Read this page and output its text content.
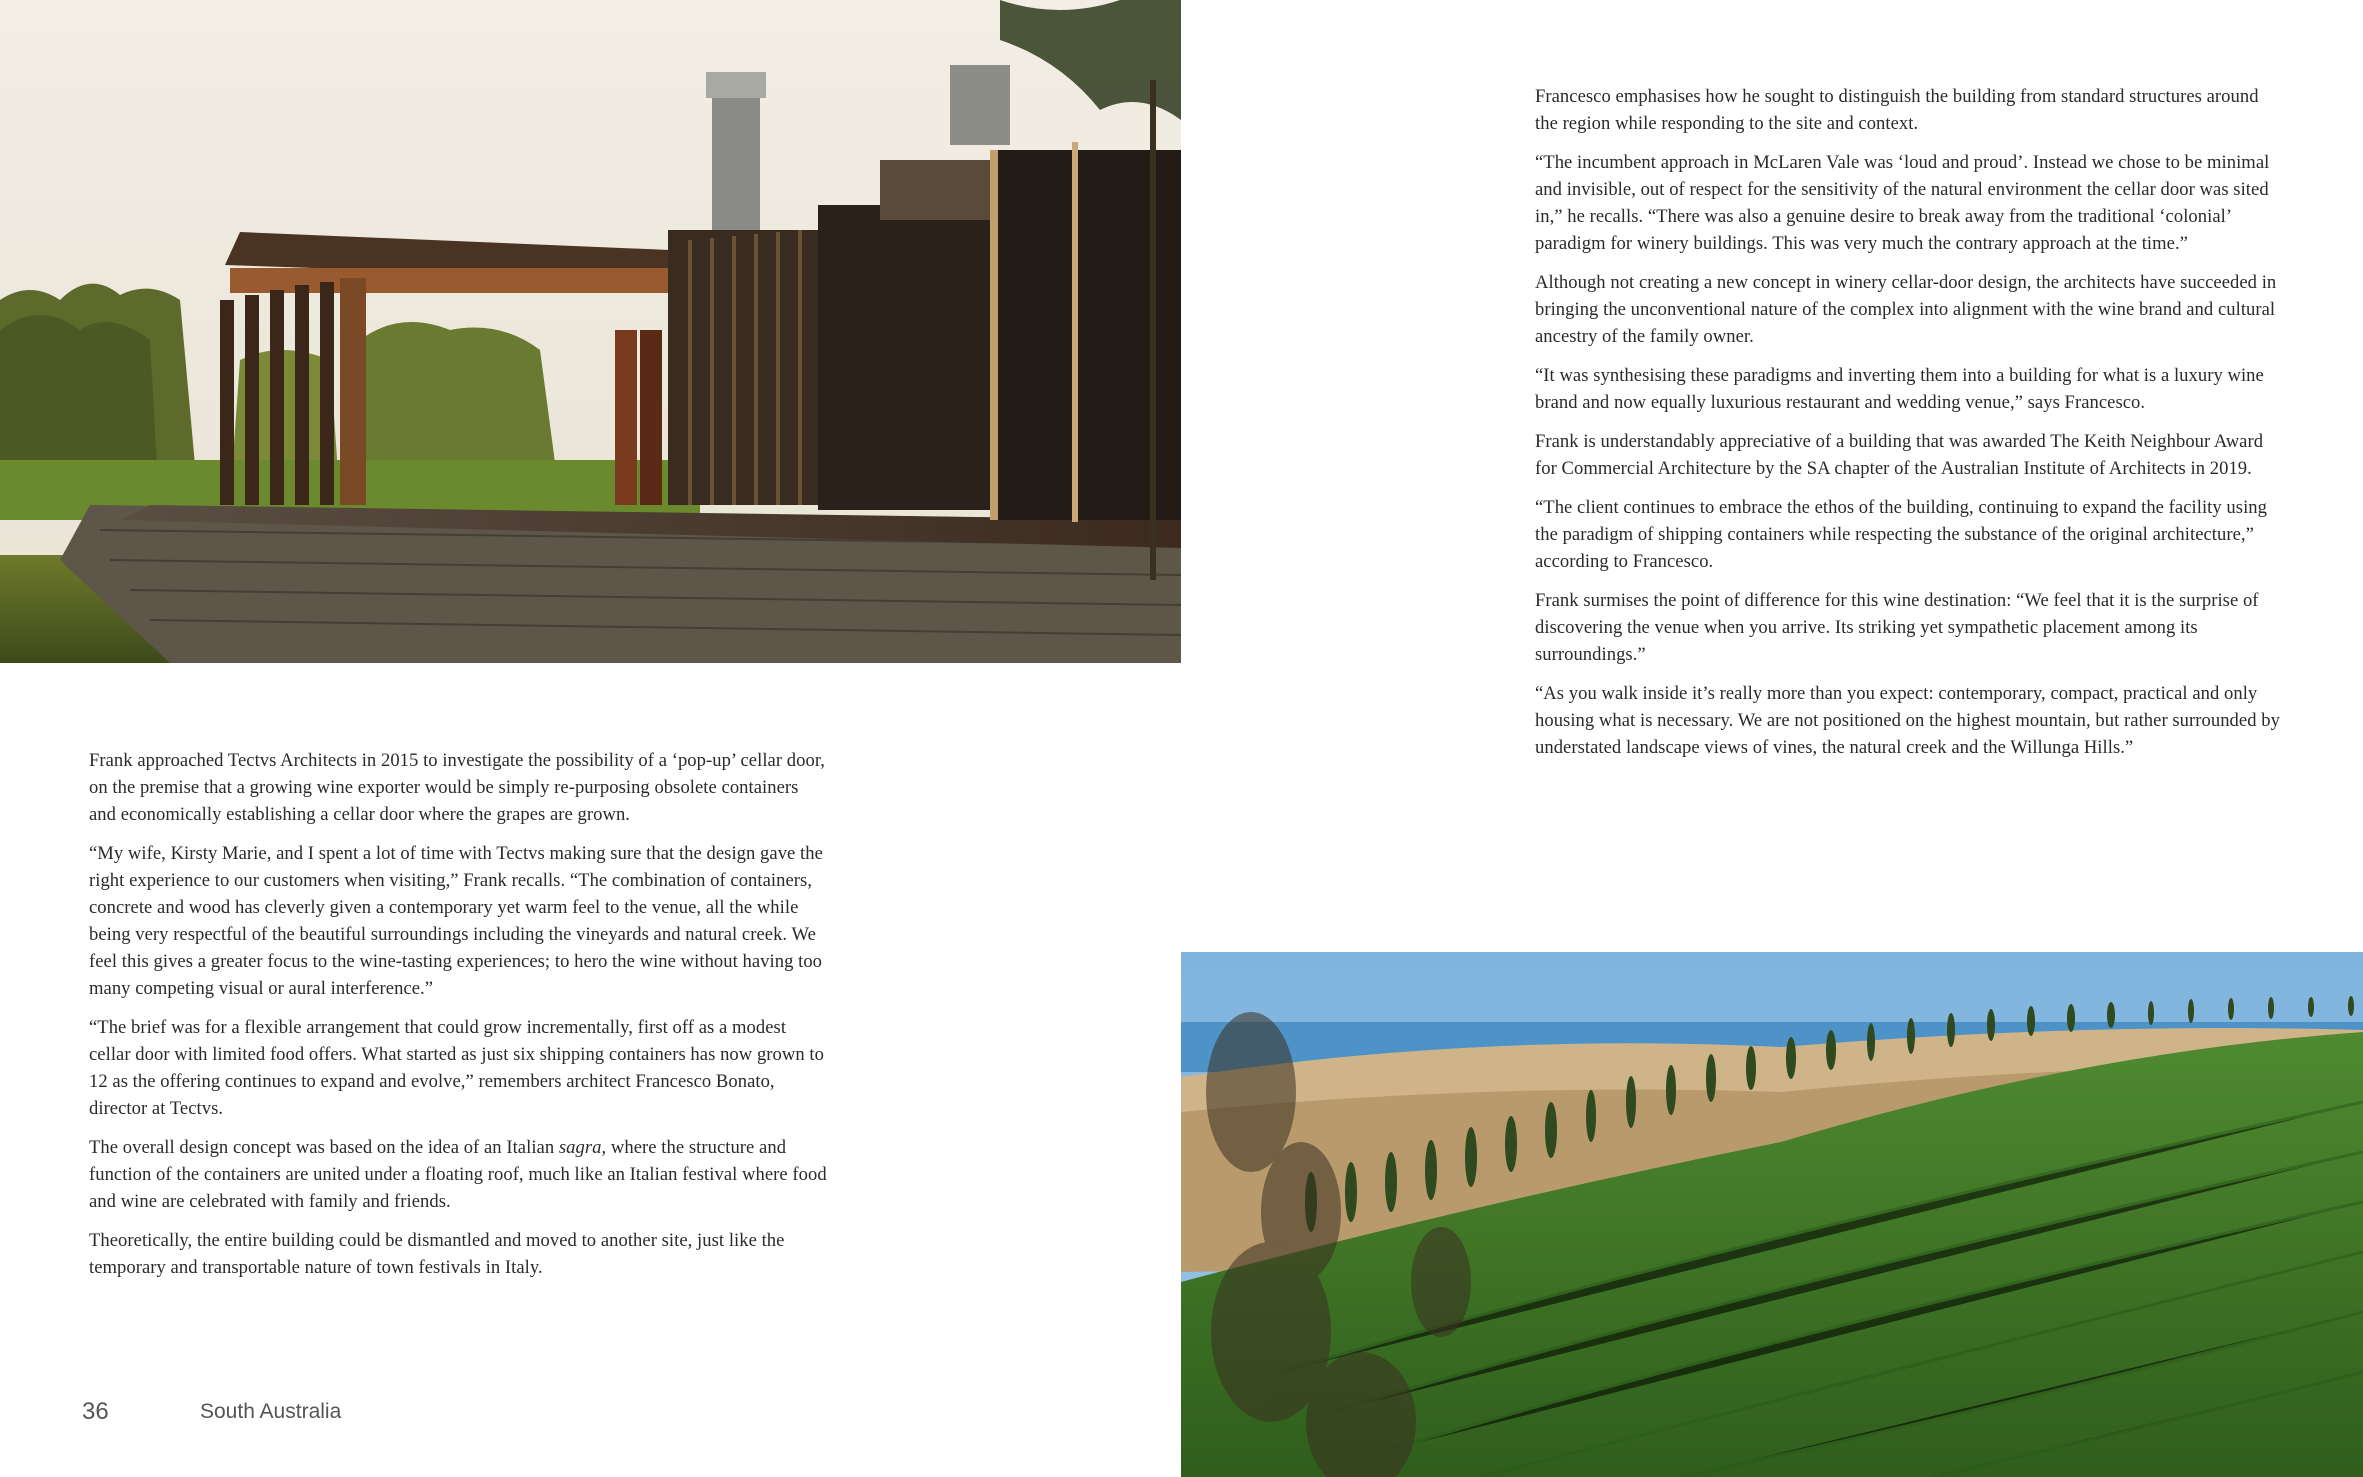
Frank approached Tectvs Architects in 2015 to investigate the possibility of a ‘pop-up’ cellar door, on the premise that a growing wine exporter would be simply re-purposing obsolete containers and economically establishing a cellar door where the grapes are grown.

“My wife, Kirsty Marie, and I spent a lot of time with Tectvs making sure that the design gave the right experience to our customers when visiting,” Frank recalls. “The combination of containers, concrete and wood has cleverly given a contemporary yet warm feel to the venue, all the while being very respectful of the beautiful surroundings including the vineyards and natural creek. We feel this gives a greater focus to the wine-tasting experiences; to hero the wine without having too many competing visual or aural interference.”

“The brief was for a flexible arrangement that could grow incrementally, first off as a modest cellar door with limited food offers. What started as just six shipping containers has now grown to 12 as the offering continues to expand and evolve,” remembers architect Francesco Bonato, director at Tectvs.

The overall design concept was based on the idea of an Italian sagra, where the structure and function of the containers are united under a floating roof, much like an Italian festival where food and wine are celebrated with family and friends.

Theoretically, the entire building could be dismantled and moved to another site, just like the temporary and transportable nature of town festivals in Italy.

Francesco emphasises how he sought to distinguish the building from standard structures around the region while responding to the site and context.

“The incumbent approach in McLaren Vale was ‘loud and proud’. Instead we chose to be minimal and invisible, out of respect for the sensitivity of the natural environment the cellar door was sited in,” he recalls. “There was also a genuine desire to break away from the traditional ‘colonial’ paradigm for winery buildings. This was very much the contrary approach at the time.”

Although not creating a new concept in winery cellar-door design, the architects have succeeded in bringing the unconventional nature of the complex into alignment with the wine brand and cultural ancestry of the family owner.

“It was synthesising these paradigms and inverting them into a building for what is a luxury wine brand and now equally luxurious restaurant and wedding venue,” says Francesco.

Frank is understandably appreciative of a building that was awarded The Keith Neighbour Award for Commercial Architecture by the SA chapter of the Australian Institute of Architects in 2019.

“The client continues to embrace the ethos of the building, continuing to expand the facility using the paradigm of shipping containers while respecting the substance of the original architecture,” according to Francesco.

Frank surmises the point of difference for this wine destination: “We feel that it is the surprise of discovering the venue when you arrive. Its striking yet sympathetic placement among its surroundings.”

“As you walk inside it’s really more than you expect: contemporary, compact, practical and only housing what is necessary. We are not positioned on the highest mountain, but rather surrounded by understated landscape views of vines, the natural creek and the Willunga Hills.”

36	South Australia
